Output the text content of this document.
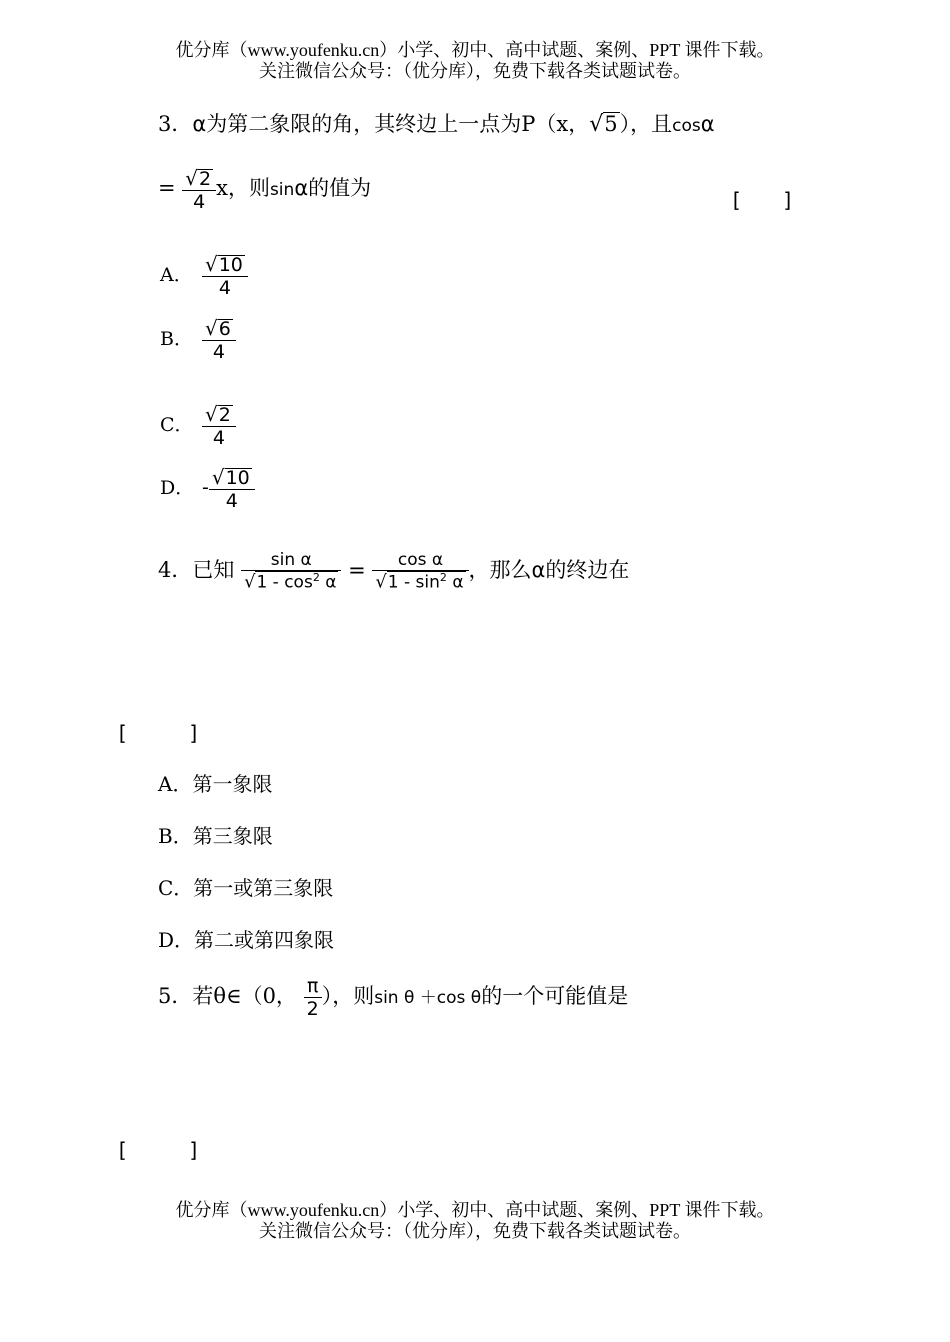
优分库（www.youfenku.cn）小学、初中、高中试题、案例、PPT 课件下载。
关注微信公众号：（优分库），免费下载各类试题试卷。
3．α为第二象限的角，其终边上一点为P（x，√5），且cosα
= $\frac{√2}{4}$ x，则sinα的值为	[　　]
A． $\frac{√10}{4}$
B． $\frac{√6}{4}$
C． $\frac{√2}{4}$
D． - $\frac{√10}{4}$
4．已知 $\frac{\text{sin α}}{√1 - \cos^2 \alpha} = \frac{\text{cos α}}{√1 - \sin^2 \alpha}$ ，那么α的终边在
[　　　]
A．第一象限
B．第三象限
C．第一或第三象限
D．第二或第四象限
5．若θ∈（0， $\frac{\pi}{2}$ ），则sin θ ＋cos θ的一个可能值是
[　　　]
优分库（www.youfenku.cn）小学、初中、高中试题、案例、PPT 课件下载。
关注微信公众号：（优分库），免费下载各类试题试卷。
